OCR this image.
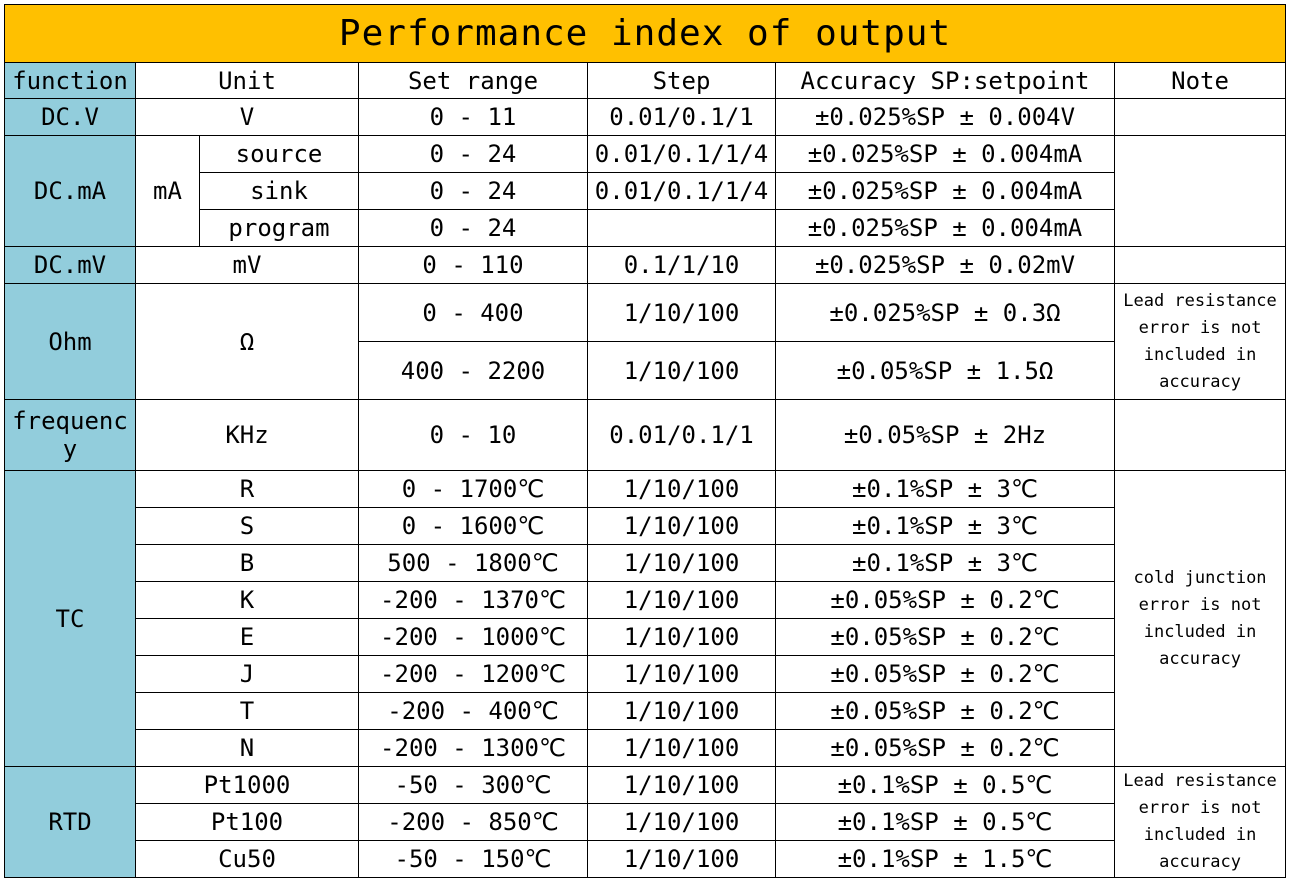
Performance index of output						
function	Unit		Set range	Step	Accuracy SP:setpoint	Note
DC.V	V		0 - 11	0.01/0.1/1	±0.025%SP ± 0.004V	
DC.mA	mA	source	0 - 24	0.01/0.1/1/4	±0.025%SP ± 0.004mA	
		sink	0 - 24	0.01/0.1/1/4	±0.025%SP ± 0.004mA	
		program	0 - 24		±0.025%SP ± 0.004mA	
DC.mV	mV		0 - 110	0.1/1/10	±0.025%SP ± 0.02mV	
Ohm	Ω		0 - 400	1/10/100	±0.025%SP ± 0.3Ω	Lead resistance error is not included in accuracy
			400 - 2200	1/10/100	±0.05%SP ± 1.5Ω	
frequency	KHz		0 - 10	0.01/0.1/1	±0.05%SP ± 2Hz	
TC	R		0 - 1700℃	1/10/100	±0.1%SP ± 3℃	cold junction error is not included in accuracy
	S		0 - 1600℃	1/10/100	±0.1%SP ± 3℃	
	B		500 - 1800℃	1/10/100	±0.1%SP ± 3℃	
	K		-200 - 1370℃	1/10/100	±0.05%SP ± 0.2℃	
	E		-200 - 1000℃	1/10/100	±0.05%SP ± 0.2℃	
	J		-200 - 1200℃	1/10/100	±0.05%SP ± 0.2℃	
	T		-200 - 400℃	1/10/100	±0.05%SP ± 0.2℃	
	N		-200 - 1300℃	1/10/100	±0.05%SP ± 0.2℃	
RTD	Pt1000		-50 - 300℃	1/10/100	±0.1%SP ± 0.5℃	Lead resistance error is not included in accuracy
	Pt100		-200 - 850℃	1/10/100	±0.1%SP ± 0.5℃	
	Cu50		-50 - 150℃	1/10/100	±0.1%SP ± 1.5℃	
